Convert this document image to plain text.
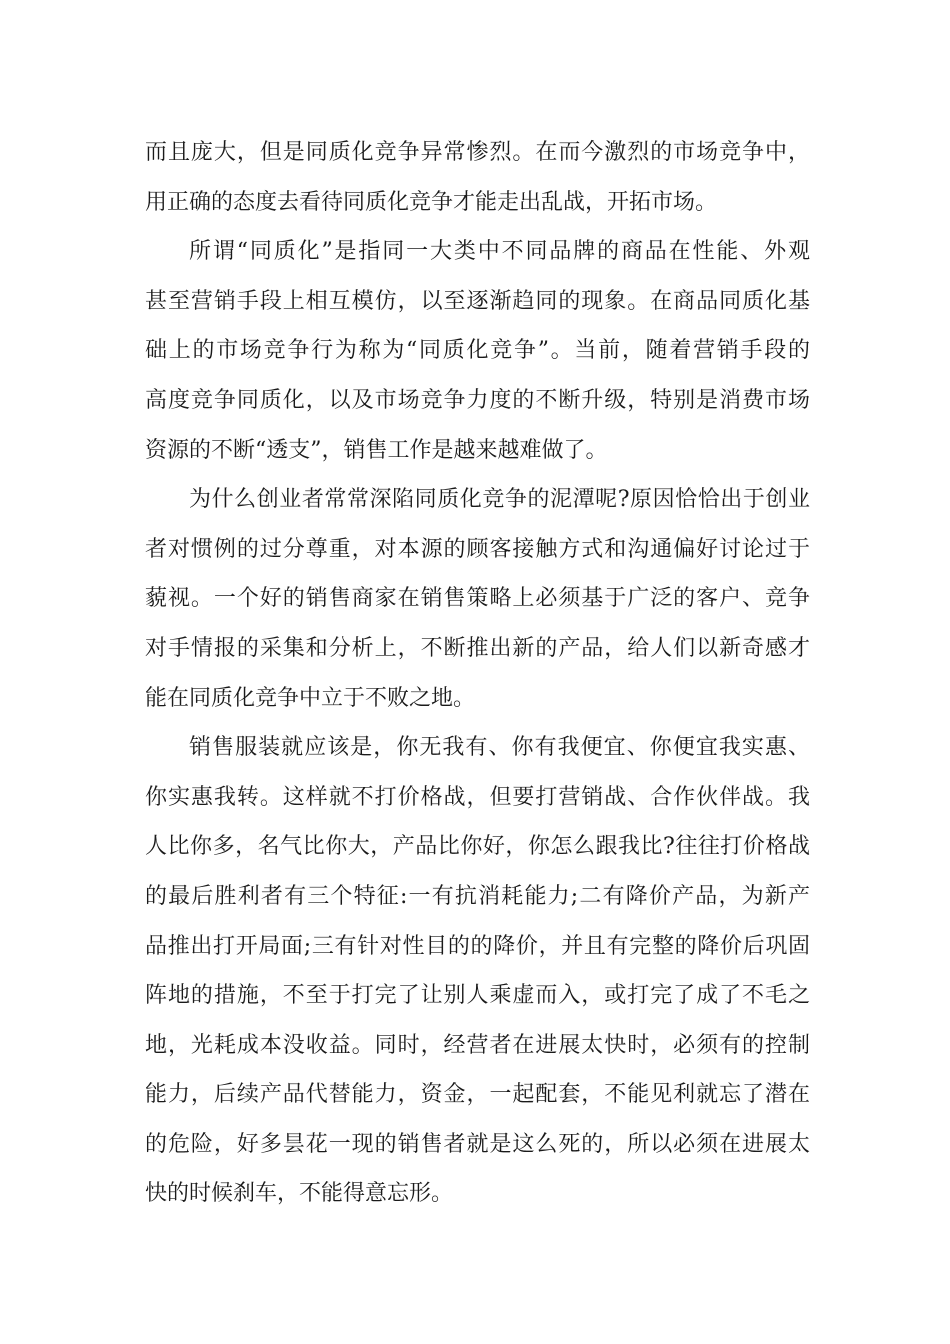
而且庞大，但是同质化竞争异常惨烈。在而今激烈的市场竞争中，
用正确的态度去看待同质化竞争才能走出乱战，开拓市场。
所谓“同质化”是指同一大类中不同品牌的商品在性能、外观
甚至营销手段上相互模仿，以至逐渐趋同的现象。在商品同质化基
础上的市场竞争行为称为“同质化竞争”。当前，随着营销手段的
高度竞争同质化，以及市场竞争力度的不断升级，特别是消费市场
资源的不断“透支”，销售工作是越来越难做了。
为什么创业者常常深陷同质化竞争的泥潭呢?原因恰恰出于创业
者对惯例的过分尊重，对本源的顾客接触方式和沟通偏好讨论过于
藐视。一个好的销售商家在销售策略上必须基于广泛的客户、竞争
对手情报的采集和分析上，不断推出新的产品，给人们以新奇感才
能在同质化竞争中立于不败之地。
销售服装就应该是，你无我有、你有我便宜、你便宜我实惠、
你实惠我转。这样就不打价格战，但要打营销战、合作伙伴战。我
人比你多，名气比你大，产品比你好，你怎么跟我比?往往打价格战
的最后胜利者有三个特征:一有抗消耗能力;二有降价产品，为新产
品推出打开局面;三有针对性目的的降价，并且有完整的降价后巩固
阵地的措施，不至于打完了让别人乘虚而入，或打完了成了不毛之
地，光耗成本没收益。同时，经营者在进展太快时，必须有的控制
能力，后续产品代替能力，资金，一起配套，不能见利就忘了潜在
的危险，好多昙花一现的销售者就是这么死的，所以必须在进展太
快的时候刹车，不能得意忘形。
